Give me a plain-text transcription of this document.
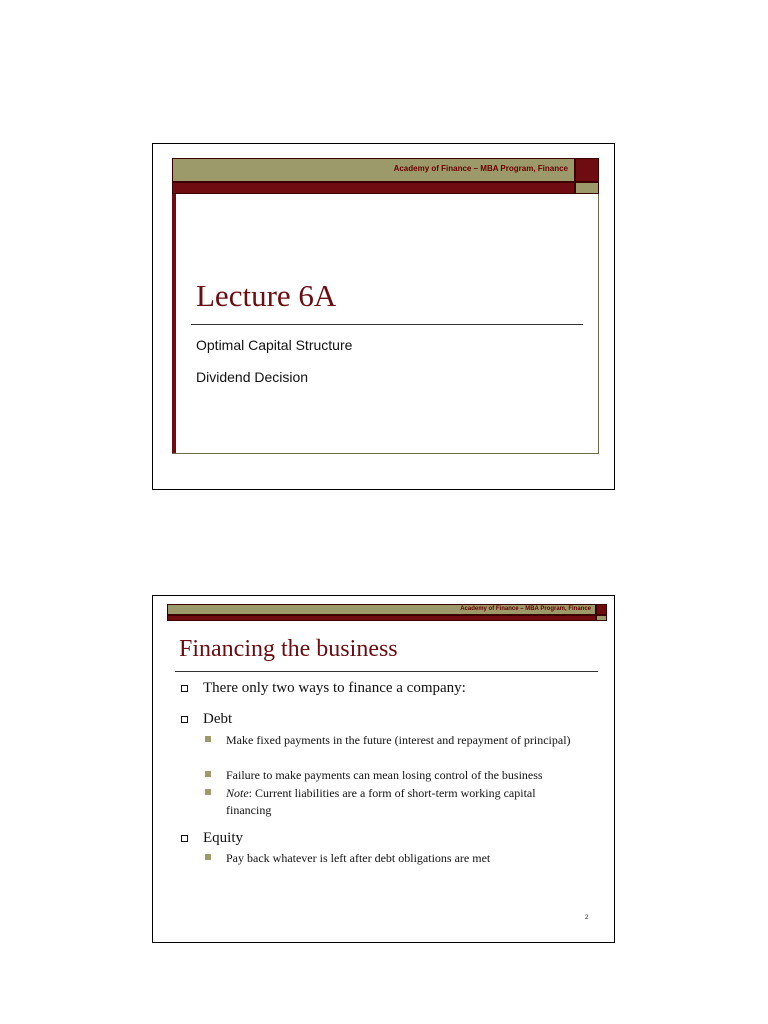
Academy of Finance – MBA Program, Finance
Lecture 6A
Optimal Capital Structure
Dividend Decision
Academy of Finance – MBA Program, Finance
Financing the business
There only two ways to finance a company:
Debt
Make fixed payments in the future (interest and repayment of principal)
Failure to make payments can mean losing control of the business
Note: Current liabilities are a form of short-term working capital financing
Equity
Pay back whatever is left after debt obligations are met
2
